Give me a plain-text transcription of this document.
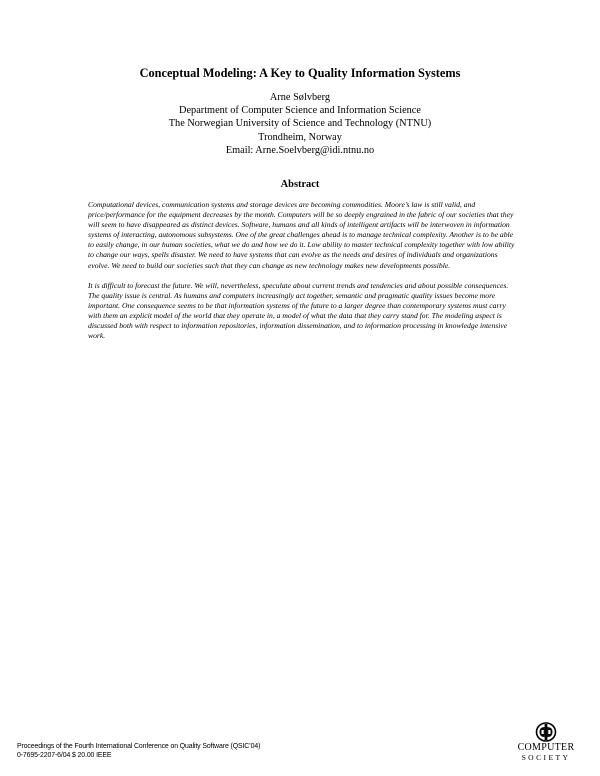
Conceptual Modeling: A Key to Quality Information Systems
Arne Sølvberg
Department of Computer Science and Information Science
The Norwegian University of Science and Technology (NTNU)
Trondheim, Norway
Email: Arne.Soelvberg@idi.ntnu.no
Abstract

Computational devices, communication systems and storage devices are becoming commodities. Moore’s law is still valid, and price/performance for the equipment decreases by the month. Computers will be so deeply engrained in the fabric of our societies that they will seem to have disappeared as distinct devices. Software, humans and all kinds of intelligent artifacts will be interwoven in information systems of interacting, autonomous subsystems. One of the great challenges ahead is to manage technical complexity. Another is to be able to easily change, in our human societies, what we do and how we do it. Low ability to master technical complexity together with low ability to change our ways, spells disaster. We need to have systems that can evolve as the needs and desires of individuals and organizations evolve. We need to build our societies such that they can change as new technology makes new developments possible.

It is difficult to forecast the future. We will, nevertheless, speculate about current trends and tendencies and about possible consequences. The quality issue is central. As humans and computers increasingly act together, semantic and pragmatic quality issues become more important. One consequence seems to be that information systems of the future to a larger degree than contemporary systems must carry with them an explicit model of the world that they operate in, a model of what the data that they carry stand for. The modeling aspect is discussed both with respect to information repositories, information dissemination, and to information processing in knowledge intensive work.

Proceedings of the Fourth International Conference on Quality Software (QSIC’04)
0-7695-2207-6/04 $ 20.00 IEEE
COMPUTER
SOCIETY
